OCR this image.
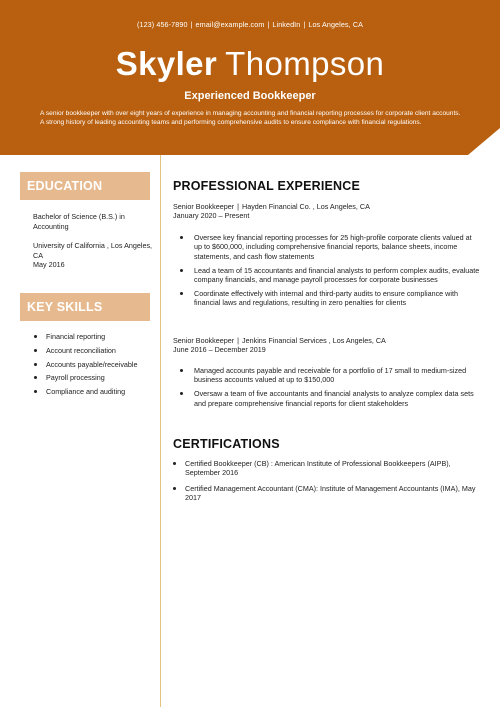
(123) 456-7890 | email@example.com | LinkedIn | Los Angeles, CA
Skyler Thompson
Experienced Bookkeeper
A senior bookkeeper with over eight years of experience in managing accounting and financial reporting processes for corporate client accounts. A strong history of leading accounting teams and performing comprehensive audits to ensure compliance with financial regulations.
EDUCATION

Bachelor of Science (B.S.) in Accounting

University of California , Los Angeles, CA
May 2016
KEY SKILLS
Financial reporting
Account reconciliation
Accounts payable/receivable
Payroll processing
Compliance and auditing
PROFESSIONAL EXPERIENCE
Senior Bookkeeper | Hayden Financial Co. , Los Angeles, CA
January 2020 – Present
Oversee key financial reporting processes for 25 high-profile corporate clients valued at up to $600,000, including comprehensive financial reports, balance sheets, income statements, and cash flow statements
Lead a team of 15 accountants and financial analysts to perform complex audits, evaluate company financials, and manage payroll processes for corporate businesses
Coordinate effectively with internal and third-party audits to ensure compliance with financial laws and regulations, resulting in zero penalties for clients
Senior Bookkeeper | Jenkins Financial Services , Los Angeles, CA
June 2016 – December 2019
Managed accounts payable and receivable for a portfolio of 17 small to medium-sized business accounts valued at up to $150,000
Oversaw a team of five accountants and financial analysts to analyze complex data sets and prepare comprehensive financial reports for client stakeholders
CERTIFICATIONS
Certified Bookkeeper (CB) : American Institute of Professional Bookkeepers (AIPB), September 2016
Certified Management Accountant (CMA): Institute of Management Accountants (IMA), May 2017
